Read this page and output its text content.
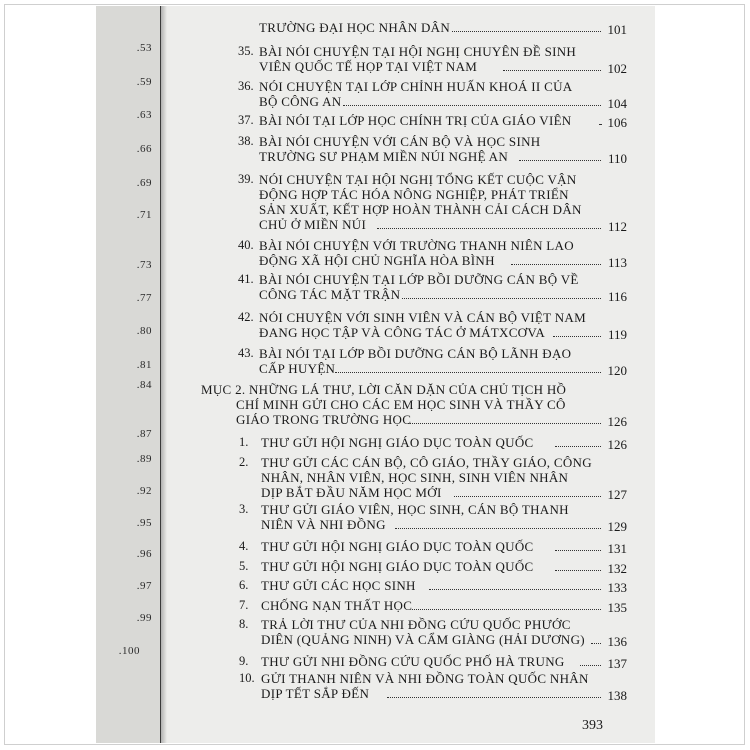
.53
.59
.63
.66
.69
.71
.73
.77
.80
.81
.84
.87
.89
.92
.95
.96
.97
.99
.100
TRƯỜNG ĐẠI HỌC NHÂN DÂN	101
35. BÀI NÓI CHUYỆN TẠI HỘI NGHỊ CHUYÊN ĐỀ SINH
VIÊN QUỐC TẾ HỌP TẠI VIỆT NAM	102
36. NÓI CHUYỆN TẠI LỚP CHỈNH HUẤN KHOÁ II CỦA
BỘ CÔNG AN	104
37. BÀI NÓI TẠI LỚP HỌC CHÍNH TRỊ CỦA GIÁO VIÊN	106
38. BÀI NÓI CHUYỆN VỚI CÁN BỘ VÀ HỌC SINH
TRƯỜNG SƯ PHẠM MIỀN NÚI NGHỆ AN	110
39. NÓI CHUYỆN TẠI HỘI NGHỊ TỔNG KẾT CUỘC VẬN
ĐỘNG HỢP TÁC HÓA NÔNG NGHIỆP, PHÁT TRIỂN
SẢN XUẤT, KẾT HỢP HOÀN THÀNH CẢI CÁCH DÂN
CHỦ Ở MIỀN NÚI	112
40. BÀI NÓI CHUYỆN VỚI TRƯỜNG THANH NIÊN LAO
ĐỘNG XÃ HỘI CHỦ NGHĨA HÒA BÌNH	113
41. BÀI NÓI CHUYỆN TẠI LỚP BỒI DƯỠNG CÁN BỘ VỀ
CÔNG TÁC MẶT TRẬN	116
42. NÓI CHUYỆN VỚI SINH VIÊN VÀ CÁN BỘ VIỆT NAM
ĐANG HỌC TẬP VÀ CÔNG TÁC Ở MÁTXCƠVA	119
43. BÀI NÓI TẠI LỚP BỒI DƯỠNG CÁN BỘ LÃNH ĐẠO
CẤP HUYỆN	120
MỤC 2. NHỮNG LÁ THƯ, LỜI CĂN DẶN CỦA CHỦ TỊCH HỒ
CHÍ MINH GỬI CHO CÁC EM HỌC SINH VÀ THẦY CÔ
GIÁO TRONG TRƯỜNG HỌC	126
1. THƯ GỬI HỘI NGHỊ GIÁO DỤC TOÀN QUỐC	126
2. THƯ GỬI CÁC CÁN BỘ, CÔ GIÁO, THẦY GIÁO, CÔNG
NHÂN, NHÂN VIÊN, HỌC SINH, SINH VIÊN NHÂN
DỊP BẮT ĐẦU NĂM HỌC MỚI	127
3. THƯ GỬI GIÁO VIÊN, HỌC SINH, CÁN BỘ THANH
NIÊN VÀ NHI ĐỒNG	129
4. THƯ GỬI HỘI NGHỊ GIÁO DỤC TOÀN QUỐC	131
5. THƯ GỬI HỘI NGHỊ GIÁO DỤC TOÀN QUỐC	132
6. THƯ GỬI CÁC HỌC SINH	133
7. CHỐNG NẠN THẤT HỌC	135
8. TRẢ LỜI THƯ CỦA NHI ĐỒNG CỨU QUỐC PHƯỚC
DIÊN (QUẢNG NINH) VÀ CẨM GIÀNG (HẢI DƯƠNG) 136
9. THƯ GỬI NHI ĐỒNG CỨU QUỐC PHỐ HÀ TRUNG	137
10. GỬI THANH NIÊN VÀ NHI ĐỒNG TOÀN QUỐC NHÂN
DỊP TẾT SẮP ĐẾN	138
393
